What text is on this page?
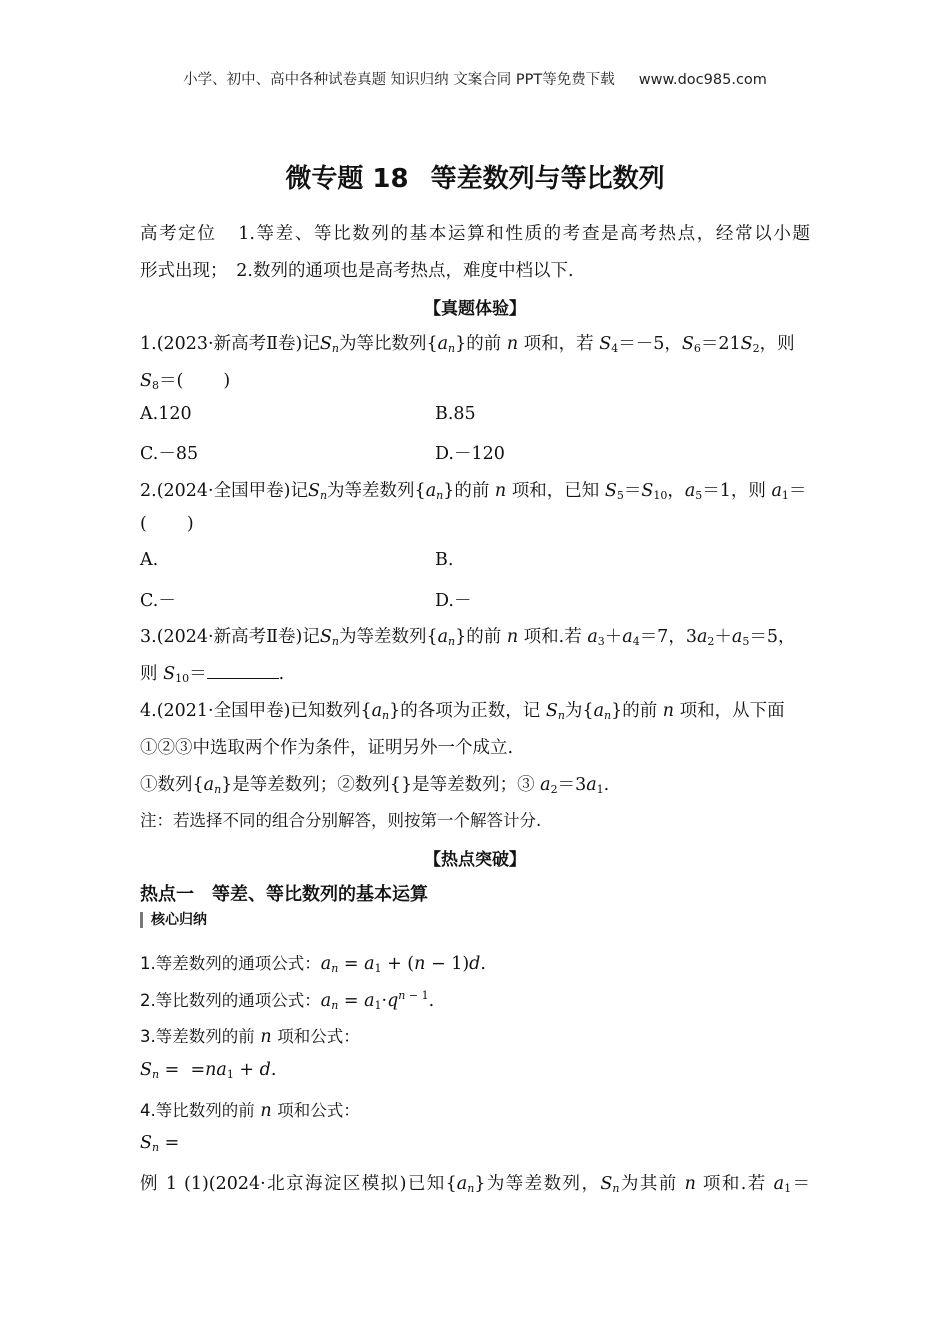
小学、初中、高中各种试卷真题 知识归纳 文案合同 PPT等免费下载 www.doc985.com
微专题 18 等差数列与等比数列
高考定位 1.等差、等比数列的基本运算和性质的考查是高考热点，经常以小题
形式出现；　2.数列的通项也是高考热点，难度中档以下.
【真题体验】
1.(2023·新高考Ⅱ卷)记$S_n$为等比数列$\{a_n\}$的前 n 项和，若 $S_4=-5$，$S_6=21S_2$，则
$S_8=$( )
A.120	B.85
C.－85	D.－120
2.(2024·全国甲卷)记$S_n$为等差数列$\{a_n\}$的前 n 项和，已知 $S_5=S_{10}$，$a_5=1$，则 $a_1=$
( )
A.	B.
C.－	D.－
3.(2024·新高考Ⅱ卷)记$S_n$为等差数列$\{a_n\}$的前 n 项和.若 $a_3+a_4=7$，$3a_2+a_5=5$，
则 $S_{10}=$	.
4.(2021·全国甲卷)已知数列$\{a_n\}$的各项为正数，记 $S_n$为$\{a_n\}$的前 n 项和，从下面
①②③中选取两个作为条件，证明另外一个成立.
①数列$\{a_n\}$是等差数列；②数列{}是等差数列；③ $a_2=3a_1$.
注：若选择不同的组合分别解答，则按第一个解答计分.
【热点突破】
热点一　等差、等比数列的基本运算
核心归纳
1.等差数列的通项公式：$a_n = a_1 + (n - 1)d$.
2.等比数列的通项公式：$a_n = a_1\cdot q^{n - 1}$.
3.等差数列的前 n 项和公式：
$S_n = =na_1 + d$.
4.等比数列的前 n 项和公式：
$S_n$ =
例 1 (1)(2024·北京海淀区模拟)已知$\{a_n\}$为等差数列，$S_n$为其前 n 项和.若 $a_1=$
